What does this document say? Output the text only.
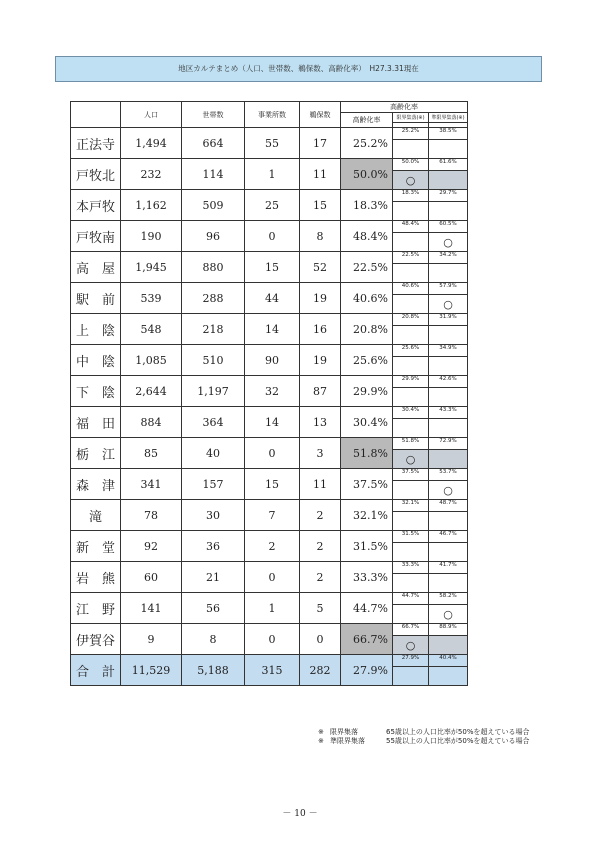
地区カルテまとめ（人口、世帯数、鵜保数、高齢化率）　H27.3.31現在
	人口	世帯数	事業所数	鵜保数	高齢化率		
					高齢化率	限界集落(※)	準限界集落(※)

正法寺	1,494	664	55	17	25.2%	25.2%	38.5%

戸牧北	232	114	1	11	50.0%	50.0%	61.6%
						○	
本戸牧	1,162	509	25	15	18.3%	18.3%	29.7%

戸牧南	190	96	0	8	48.4%	48.4%	60.5%
							○
高　屋	1,945	880	15	52	22.5%	22.5%	34.2%

駅　前	539	288	44	19	40.6%	40.6%	57.9%
							○
上　陰	548	218	14	16	20.8%	20.8%	31.9%

中　陰	1,085	510	90	19	25.6%	25.6%	34.9%

下　陰	2,644	1,197	32	87	29.9%	29.9%	42.6%

福　田	884	364	14	13	30.4%	30.4%	43.3%

栃　江	85	40	0	3	51.8%	51.8%	72.9%
						○	
森　津	341	157	15	11	37.5%	37.5%	53.7%
							○
滝	78	30	7	2	32.1%	32.1%	48.7%

新　堂	92	36	2	2	31.5%	31.5%	46.7%

岩　熊	60	21	0	2	33.3%	33.3%	41.7%

江　野	141	56	1	5	44.7%	44.7%	58.2%
							○
伊賀谷	9	8	0	0	66.7%	66.7%	88.9%
						○	
合　計	11,529	5,188	315	282	27.9%	27.9%	40.4%

※ 限界集落	65歳以上の人口比率が50%を超えている場合
※ 準限界集落	55歳以上の人口比率が50%を超えている場合
－ 10 －
